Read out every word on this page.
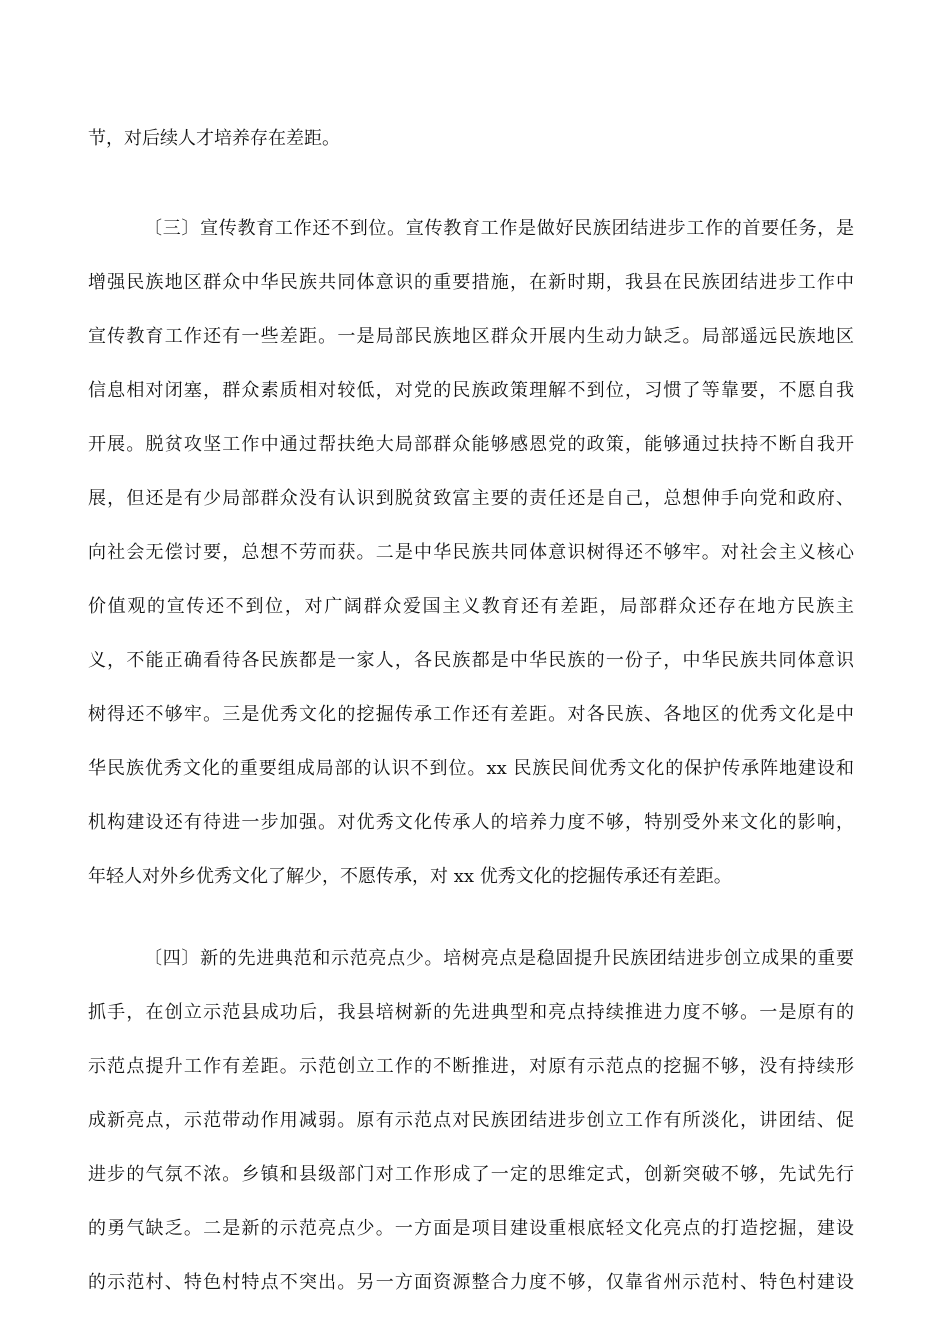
节，对后续人才培养存在差距。
〔三〕宣传教育工作还不到位。宣传教育工作是做好民族团结进步工作的首要任务，是
增强民族地区群众中华民族共同体意识的重要措施，在新时期，我县在民族团结进步工作中
宣传教育工作还有一些差距。一是局部民族地区群众开展内生动力缺乏。局部遥远民族地区
信息相对闭塞，群众素质相对较低，对党的民族政策理解不到位，习惯了等靠要，不愿自我
开展。脱贫攻坚工作中通过帮扶绝大局部群众能够感恩党的政策，能够通过扶持不断自我开
展，但还是有少局部群众没有认识到脱贫致富主要的责任还是自己，总想伸手向党和政府、
向社会无偿讨要，总想不劳而获。二是中华民族共同体意识树得还不够牢。对社会主义核心
价值观的宣传还不到位，对广阔群众爱国主义教育还有差距，局部群众还存在地方民族主
义，不能正确看待各民族都是一家人，各民族都是中华民族的一份子，中华民族共同体意识
树得还不够牢。三是优秀文化的挖掘传承工作还有差距。对各民族、各地区的优秀文化是中
华民族优秀文化的重要组成局部的认识不到位。xx 民族民间优秀文化的保护传承阵地建设和
机构建设还有待进一步加强。对优秀文化传承人的培养力度不够，特别受外来文化的影响，
年轻人对外乡优秀文化了解少，不愿传承，对 xx 优秀文化的挖掘传承还有差距。
〔四〕新的先进典范和示范亮点少。培树亮点是稳固提升民族团结进步创立成果的重要
抓手，在创立示范县成功后，我县培树新的先进典型和亮点持续推进力度不够。一是原有的
示范点提升工作有差距。示范创立工作的不断推进，对原有示范点的挖掘不够，没有持续形
成新亮点，示范带动作用减弱。原有示范点对民族团结进步创立工作有所淡化，讲团结、促
进步的气氛不浓。乡镇和县级部门对工作形成了一定的思维定式，创新突破不够，先试先行
的勇气缺乏。二是新的示范亮点少。一方面是项目建设重根底轻文化亮点的打造挖掘，建设
的示范村、特色村特点不突出。另一方面资源整合力度不够，仅靠省州示范村、特色村建设
